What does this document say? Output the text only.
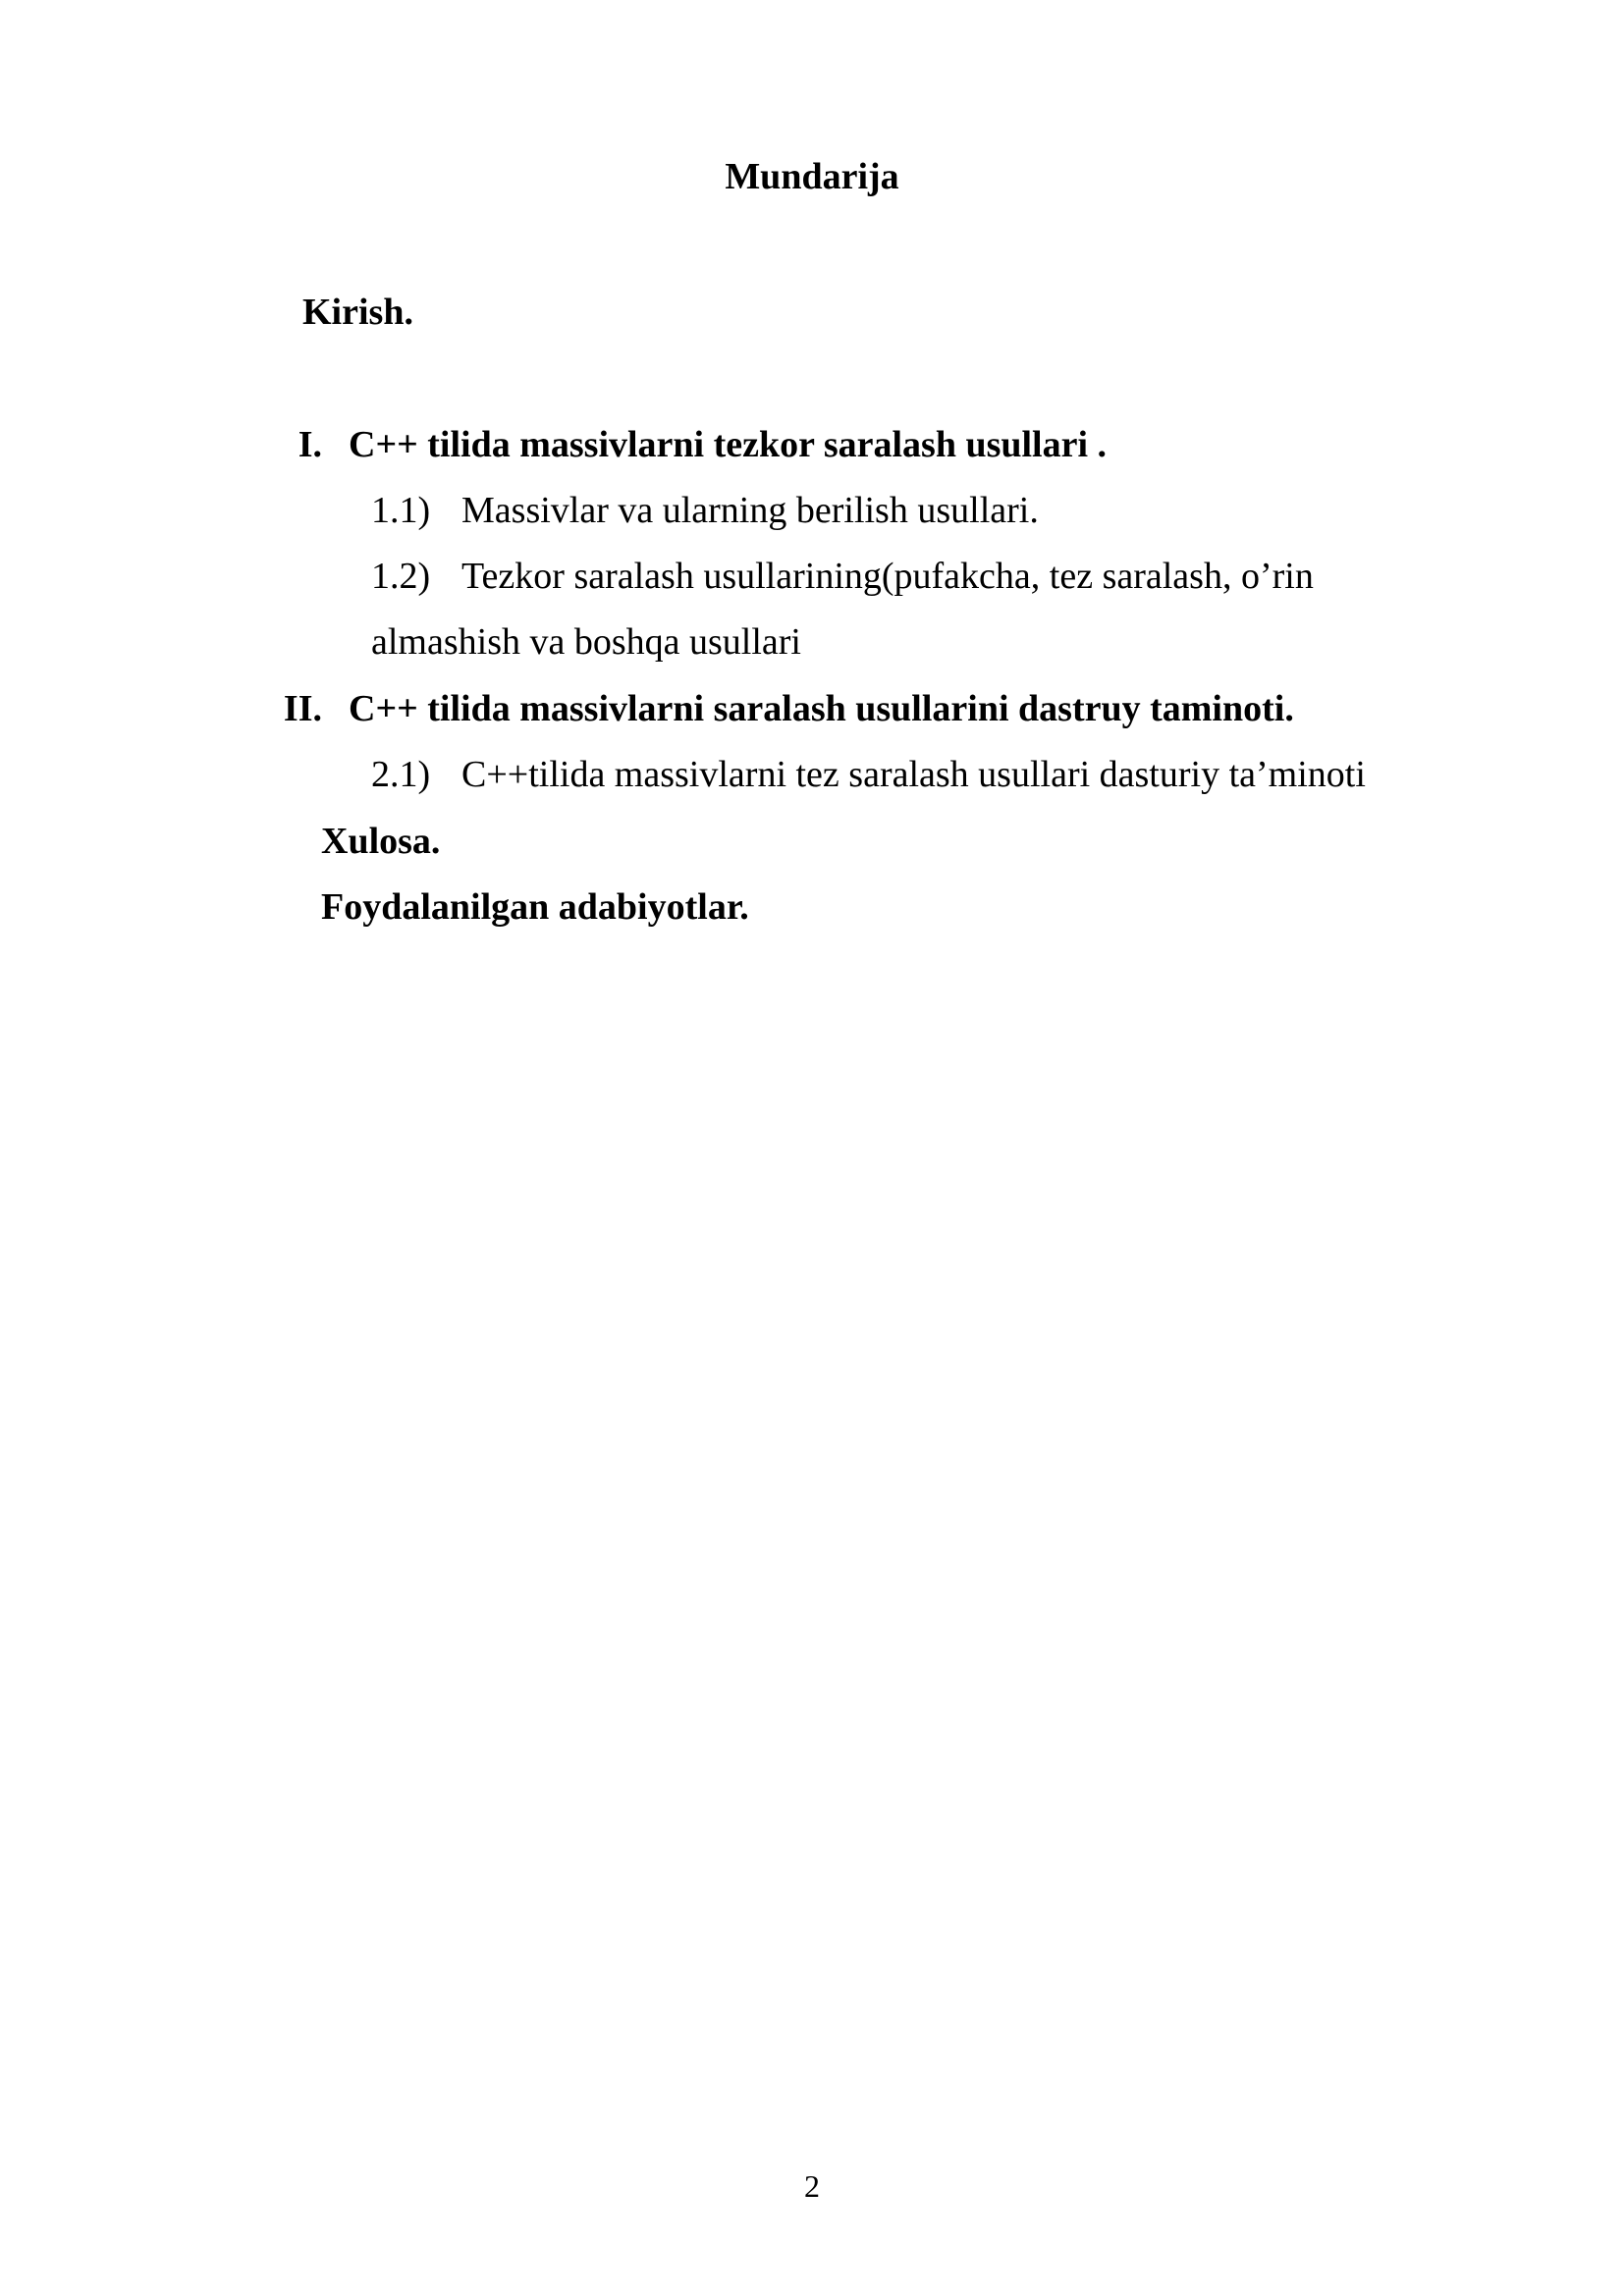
Mundarija
Kirish.
I. C++ tilida massivlarni tezkor saralash usullari .
1.1) Massivlar va ularning berilish usullari.
1.2) Tezkor saralash usullarining(pufakcha, tez saralash, o’rin
almashish va boshqa usullari
II. C++ tilida massivlarni saralash usullarini dastruy taminoti.
2.1) C++tilida massivlarni tez saralash usullari dasturiy ta’minoti
Xulosa.
Foydalanilgan adabiyotlar.
2
